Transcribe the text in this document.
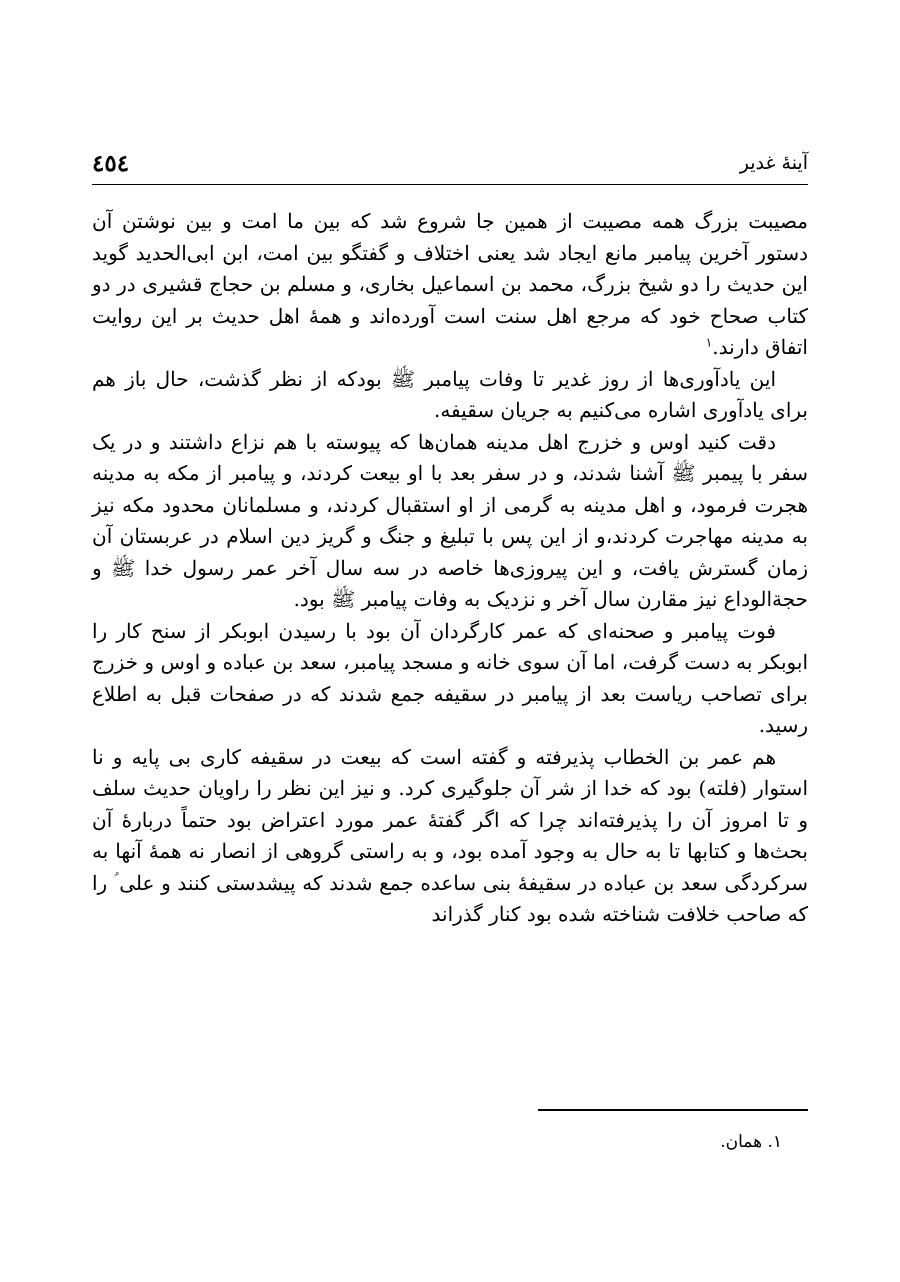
٤٥٤	آینهٔ غدیر

مصیبت بزرگ همه مصیبت از همین جا شروع شد که بین ما امت و بین نوشتن آن دستور آخرین پیامبر مانع ایجاد شد یعنی اختلاف و گفتگو بین امت، ابن ابی‌الحدید گوید این حدیث را دو شیخ بزرگ، محمد بن اسماعیل بخاری، و مسلم بن حجاج قشیری در دو کتاب صحاح خود که مرجع اهل سنت است آورده‌اند و همهٔ اهل حدیث بر این روایت اتفاق دارند.$^١$

این یادآوری‌ها از روز غدیر تا وفات پیامبر ﷺ بودکه از نظر گذشت، حال باز هم برای یادآوری اشاره می‌کنیم به جریان سقیفه.

دقت کنید اوس و خزرج اهل مدینه همان‌ها که پیوسته با هم نزاع داشتند و در یک سفر با پیمبر ﷺ آشنا شدند، و در سفر بعد با او بیعت کردند، و پیامبر از مکه به مدینه هجرت فرمود، و اهل مدینه به گرمی از او استقبال کردند، و مسلمانان محدود مکه نیز به مدینه مهاجرت کردند،و از این پس با تبلیغ و جنگ و گریز دین اسلام در عربستان آن زمان گسترش یافت، و این پیروزی‌ها خاصه در سه سال آخر عمر رسول خدا ﷺ و حجةالوداع نیز مقارن سال آخر و نزدیک به وفات پیامبر ﷺ بود.

فوت پیامبر و صحنه‌ای که عمر کارگردان آن بود با رسیدن ابوبکر از سنح کار را ابوبکر به دست گرفت، اما آن سوی خانه و مسجد پیامبر، سعد بن عباده و اوس و خزرج برای تصاحب ریاست بعد از پیامبر در سقیفه جمع شدند که در صفحات قبل به اطلاع رسید.

هم عمر بن الخطاب پذیرفته و گفته است که بیعت در سقیفه کاری بی پایه و نا استوار (فلته) بود که خدا از شر آن جلوگیری کرد. و نیز این نظر را راویان حدیث سلف و تا امروز آن را پذیرفته‌اند چرا که اگر گفتهٔ عمر مورد اعتراض بود حتماً دربارهٔ آن بحث‌ها و کتابها تا به حال به وجود آمده بود، و به راستی گروهی از انصار نه همهٔ آنها به سرکردگی سعد بن عباده در سقیفهٔ بنی ساعده جمع شدند که پیشدستی کنند و علی ؑ را که صاحب خلافت شناخته شده بود کنار گذراند

١. همان.
